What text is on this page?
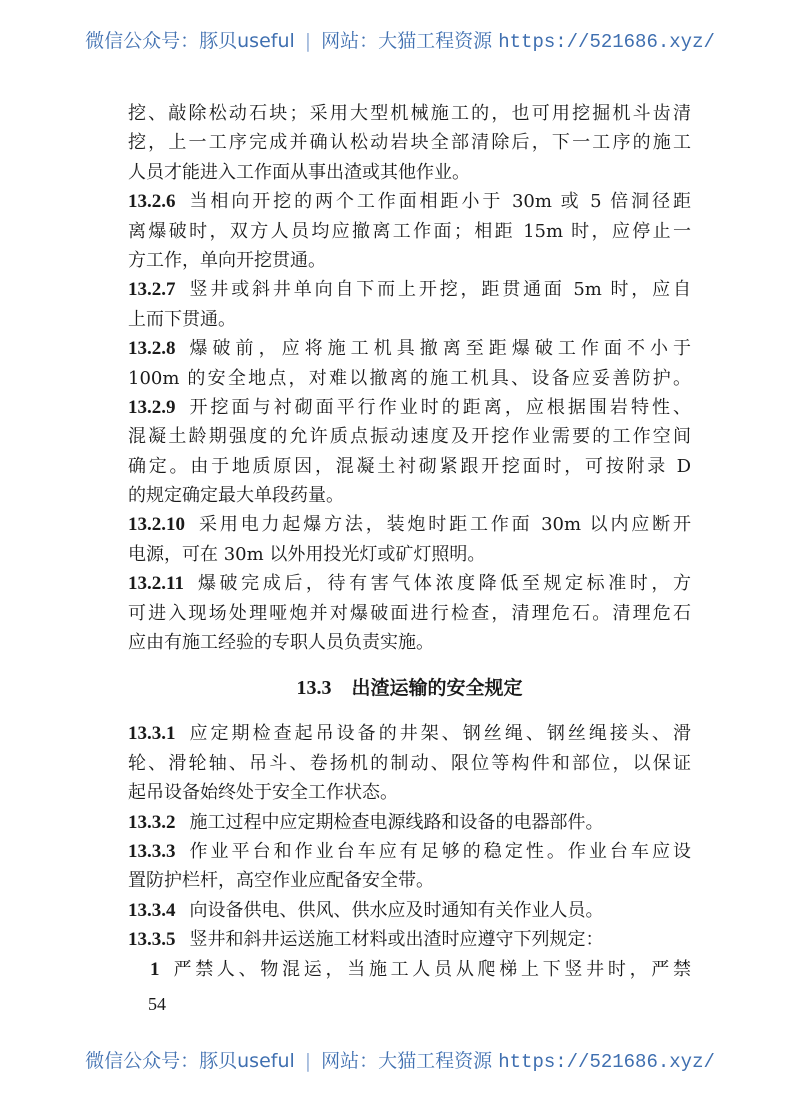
微信公众号：豚贝useful | 网站：大猫工程资源 https://521686.xyz/
挖、敲除松动石块；采用大型机械施工的，也可用挖掘机斗齿清
挖，上一工序完成并确认松动岩块全部清除后，下一工序的施工
人员才能进入工作面从事出渣或其他作业。
13.2.6 当相向开挖的两个工作面相距小于 30m 或 5 倍洞径距
离爆破时，双方人员均应撤离工作面；相距 15m 时，应停止一
方工作，单向开挖贯通。
13.2.7 竖井或斜井单向自下而上开挖，距贯通面 5m 时，应自
上而下贯通。
13.2.8 爆破前，应将施工机具撤离至距爆破工作面不小于
100m 的安全地点，对难以撤离的施工机具、设备应妥善防护。
13.2.9 开挖面与衬砌面平行作业时的距离，应根据围岩特性、
混凝土龄期强度的允许质点振动速度及开挖作业需要的工作空间
确定。由于地质原因，混凝土衬砌紧跟开挖面时，可按附录 D
的规定确定最大单段药量。
13.2.10 采用电力起爆方法，装炮时距工作面 30m 以内应断开
电源，可在 30m 以外用投光灯或矿灯照明。
13.2.11 爆破完成后，待有害气体浓度降低至规定标准时，方
可进入现场处理哑炮并对爆破面进行检查，清理危石。清理危石
应由有施工经验的专职人员负责实施。
13.3 出渣运输的安全规定
13.3.1 应定期检查起吊设备的井架、钢丝绳、钢丝绳接头、滑
轮、滑轮轴、吊斗、卷扬机的制动、限位等构件和部位，以保证
起吊设备始终处于安全工作状态。
13.3.2 施工过程中应定期检查电源线路和设备的电器部件。
13.3.3 作业平台和作业台车应有足够的稳定性。作业台车应设
置防护栏杆，高空作业应配备安全带。
13.3.4 向设备供电、供风、供水应及时通知有关作业人员。
13.3.5 竖井和斜井运送施工材料或出渣时应遵守下列规定：
1 严禁人、物混运，当施工人员从爬梯上下竖井时，严禁
54
微信公众号：豚贝useful | 网站：大猫工程资源 https://521686.xyz/
